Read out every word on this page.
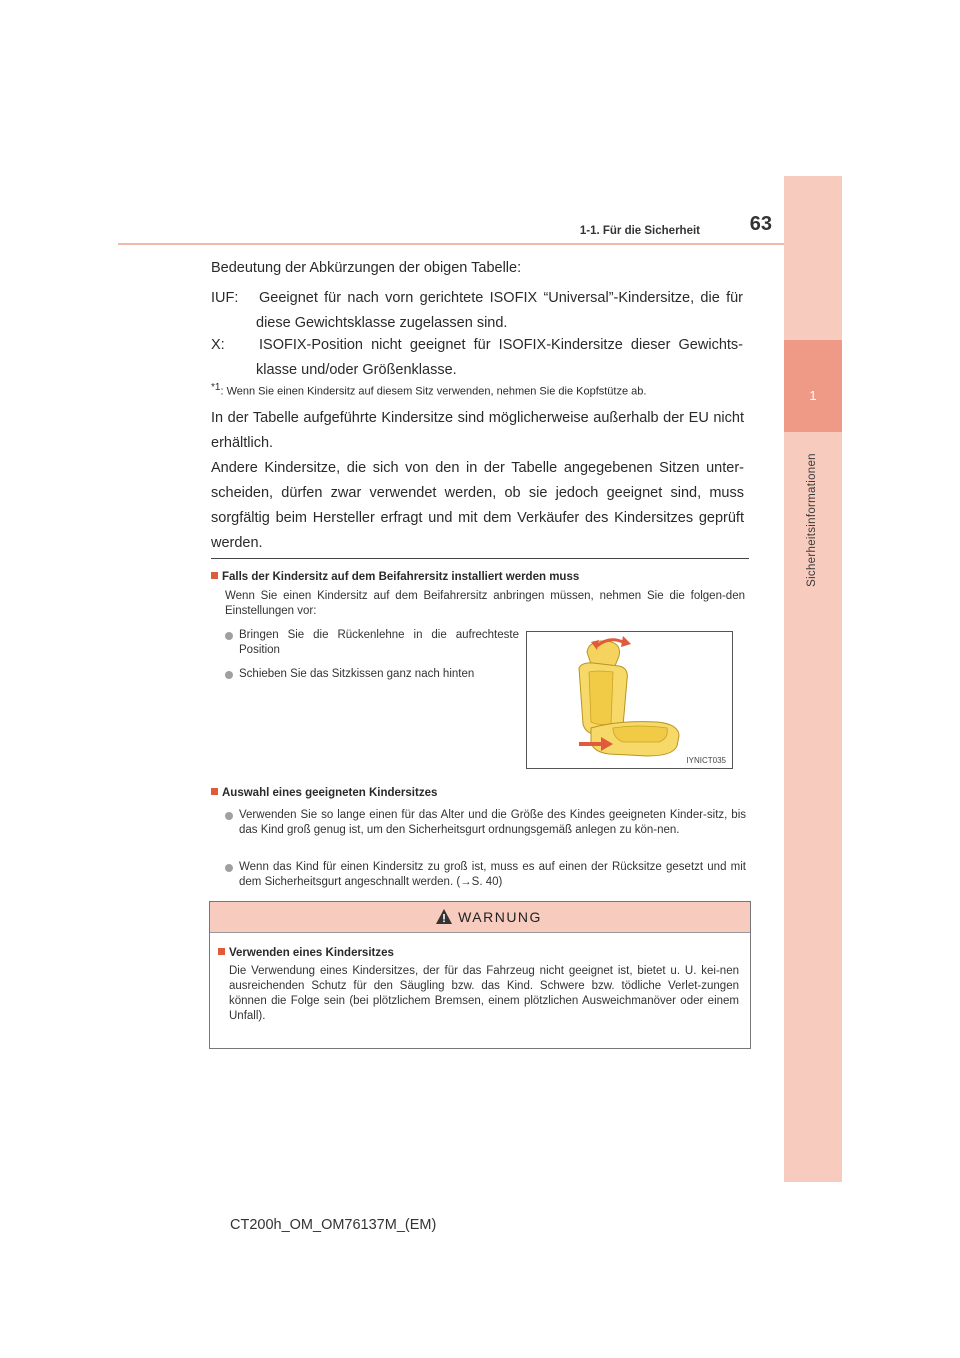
1
Sicherheitsinformationen
1-1. Für die Sicherheit	63
Bedeutung der Abkürzungen der obigen Tabelle:
IUF: Geeignet für nach vorn gerichtete ISOFIX “Universal”-Kindersitze, die für diese Gewichtsklasse zugelassen sind.
X: ISOFIX-Position nicht geeignet für ISOFIX-Kindersitze dieser Gewichts-klasse und/oder Größenklasse.
$^{*1}$: Wenn Sie einen Kindersitz auf diesem Sitz verwenden, nehmen Sie die Kopfstütze ab.
In der Tabelle aufgeführte Kindersitze sind möglicherweise außerhalb der EU nicht erhältlich.
Andere Kindersitze, die sich von den in der Tabelle angegebenen Sitzen unter-scheiden, dürfen zwar verwendet werden, ob sie jedoch geeignet sind, muss sorgfältig beim Hersteller erfragt und mit dem Verkäufer des Kindersitzes geprüft werden.
Falls der Kindersitz auf dem Beifahrersitz installiert werden muss
Wenn Sie einen Kindersitz auf dem Beifahrersitz anbringen müssen, nehmen Sie die folgen-den Einstellungen vor:
Bringen Sie die Rückenlehne in die aufrechteste Position
Schieben Sie das Sitzkissen ganz nach hinten
IYNICT035
Auswahl eines geeigneten Kindersitzes
Verwenden Sie so lange einen für das Alter und die Größe des Kindes geeigneten Kinder-sitz, bis das Kind groß genug ist, um den Sicherheitsgurt ordnungsgemäß anlegen zu kön-nen.
Wenn das Kind für einen Kindersitz zu groß ist, muss es auf einen der Rücksitze gesetzt und mit dem Sicherheitsgurt angeschnallt werden. (→S. 40)
WARNUNG
Verwenden eines Kindersitzes
Die Verwendung eines Kindersitzes, der für das Fahrzeug nicht geeignet ist, bietet u. U. kei-nen ausreichenden Schutz für den Säugling bzw. das Kind. Schwere bzw. tödliche Verlet-zungen können die Folge sein (bei plötzlichem Bremsen, einem plötzlichen Ausweichmanöver oder einem Unfall).
CT200h_OM_OM76137M_(EM)
